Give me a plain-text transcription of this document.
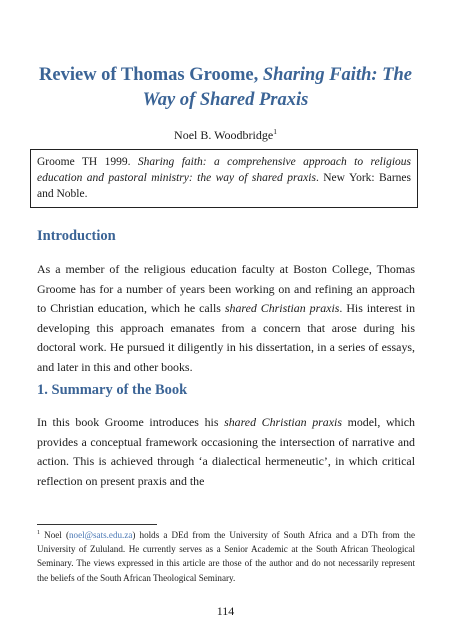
Review of Thomas Groome, Sharing Faith: The
Way of Shared Praxis
Noel B. Woodbridge$^1$
Groome TH 1999. Sharing faith: a comprehensive approach to religious education and pastoral ministry: the way of shared praxis. New York: Barnes and Noble.
Introduction
As a member of the religious education faculty at Boston College, Thomas Groome has for a number of years been working on and refining an approach to Christian education, which he calls shared Christian praxis. His interest in developing this approach emanates from a concern that arose during his doctoral work. He pursued it diligently in his dissertation, in a series of essays, and later in this and other books.
1. Summary of the Book
In this book Groome introduces his shared Christian praxis model, which provides a conceptual framework occasioning the intersection of narrative and action. This is achieved through ‘a dialectical hermeneutic’, in which critical reflection on present praxis and the
$^1$ Noel (noel@sats.edu.za) holds a DEd from the University of South Africa and a DTh from the University of Zululand. He currently serves as a Senior Academic at the South African Theological Seminary. The views expressed in this article are those of the author and do not necessarily represent the beliefs of the South African Theological Seminary.
114
